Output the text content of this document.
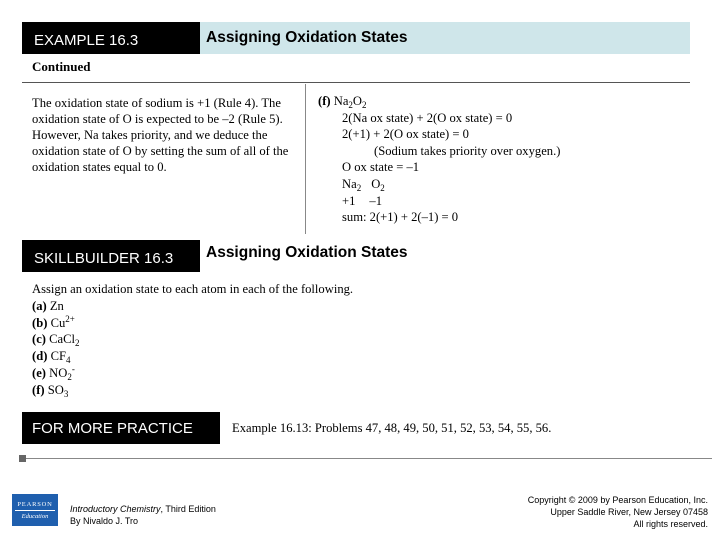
EXAMPLE 16.3	Assigning Oxidation States
Continued
The oxidation state of sodium is +1 (Rule 4). The oxidation state of O is expected to be –2 (Rule 5). However, Na takes priority, and we deduce the oxidation state of O by setting the sum of all of the oxidation states equal to 0.
(f) $Na_2O_2$
2(Na ox state) + 2(O ox state) = 0
2(+1) + 2(O ox state) = 0
(Sodium takes priority over oxygen.)
O ox state = –1
$Na_2$ $O_2$
+1 –1
sum: 2(+1) + 2(–1) = 0
SKILLBUILDER 16.3 Assigning Oxidation States
Assign an oxidation state to each atom in each of the following.
(a) Zn
(b) $Cu^{2+}$
(c) CaCl$_2$
(d) $CF_4$
(e) $NO_2^-$
(f) $SO_3$
FOR MORE PRACTICE	Example 16.13: Problems 47, 48, 49, 50, 51, 52, 53, 54, 55, 56.
PEARSON
Education
Introductory Chemistry, Third Edition
By Nivaldo J. Tro
Copyright © 2009 by Pearson Education, Inc.
Upper Saddle River, New Jersey 07458
All rights reserved.
